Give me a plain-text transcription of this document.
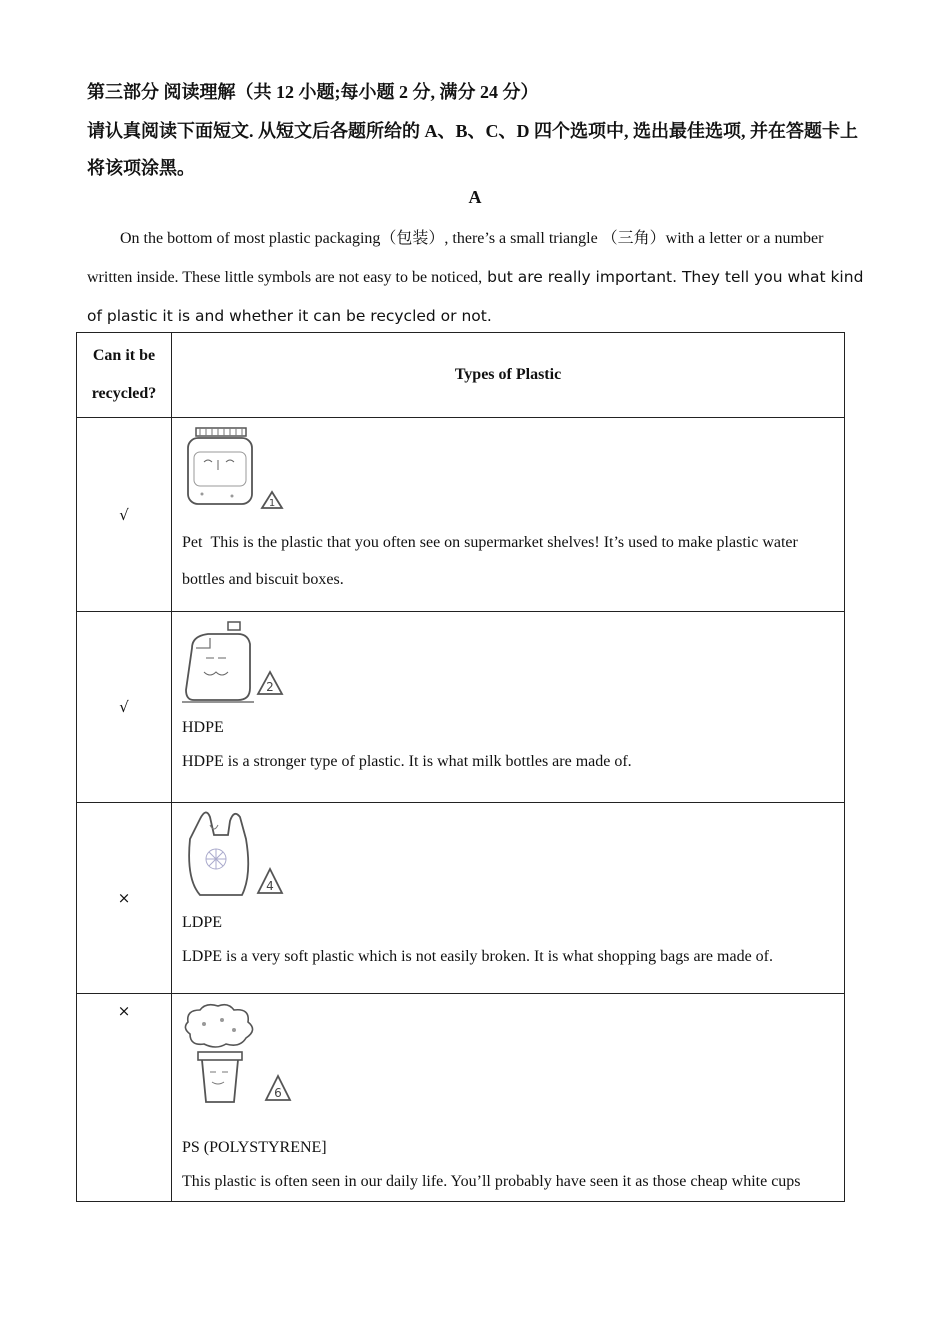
第三部分 阅读理解（共 12 小题;每小题 2 分, 满分 24 分）
请认真阅读下面短文. 从短文后各题所给的 A、B、C、D 四个选项中, 选出最佳选项, 并在答题卡上将该项涂黑。
A
On the bottom of most plastic packaging（包装）, there’s a small triangle （三角）with a letter or a number written inside. These little symbols are not easy to be noticed, but are really important. They tell you what kind of plastic it is and whether it can be recycled or not.
Can it be recycled?	Types of Plastic
√	1
Pet This is the plastic that you often see on supermarket shelves! It’s used to make plastic water bottles and biscuit boxes.

√	2
HDPE
HDPE is a stronger type of plastic. It is what milk bottles are made of.

×	4
LDPE
LDPE is a very soft plastic which is not easily broken. It is what shopping bags are made of.

×	6
PS (POLYSTYRENE]
This plastic is often seen in our daily life. You’ll probably have seen it as those cheap white cups
